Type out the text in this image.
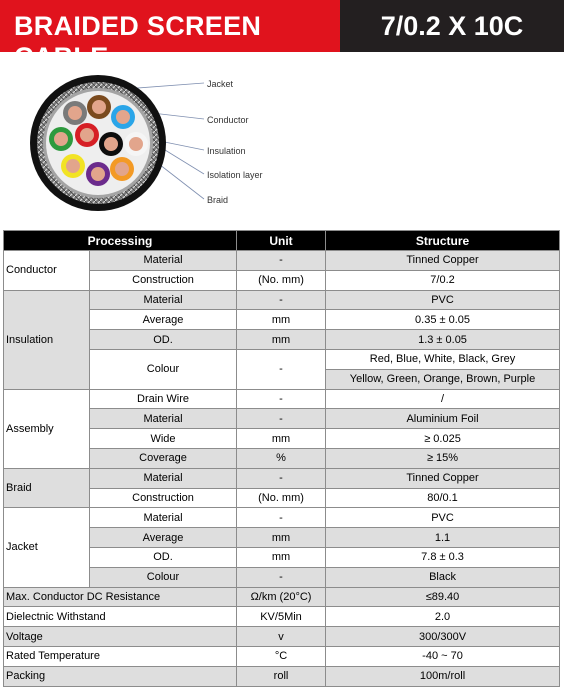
BRAIDED SCREEN CABLE
7/0.2 X 10C
Jacket
Conductor
Insulation
Isolation layer
Braid
Processing		Unit	Structure
Conductor	Material	-	Tinned Copper
	Construction	(No. mm)	7/0.2
Insulation	Material	-	PVC
	Average	mm	0.35 ± 0.05
	OD.	mm	1.3 ± 0.05
	Colour	-	Red, Blue, White, Black, Grey
			Yellow, Green, Orange, Brown, Purple
Assembly	Drain Wire	-	/
	Material	-	Aluminium Foil
	Wide	mm	≥ 0.025
	Coverage	%	≥ 15%
Braid	Material	-	Tinned Copper
	Construction	(No. mm)	80/0.1
Jacket	Material	-	PVC
	Average	mm	1.1
	OD.	mm	7.8 ± 0.3
	Colour	-	Black
Max. Conductor DC Resistance		Ω/km (20°C)	≤89.40
Dielectnic Withstand		KV/5Min	2.0
Voltage		v	300/300V
Rated Temperature		°C	-40 ~ 70
Packing		roll	100m/roll
